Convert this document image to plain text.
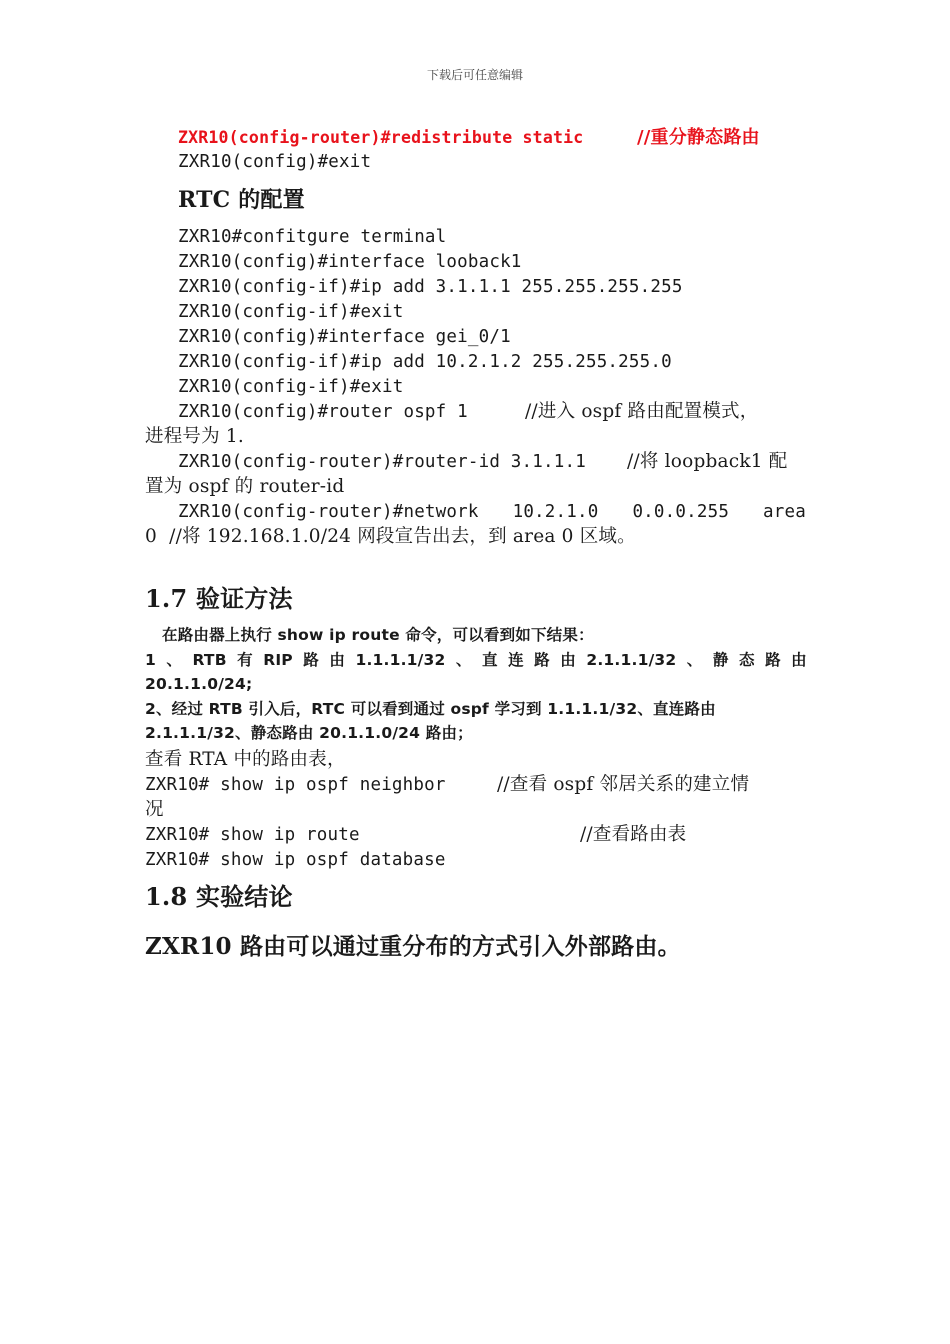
下载后可任意编辑
ZXR10(config-router)#redistribute static	//重分静态路由
ZXR10(config)#exit
RTC 的配置
ZXR10#confitgure terminal
ZXR10(config)#interface looback1
ZXR10(config-if)#ip add 3.1.1.1 255.255.255.255
ZXR10(config-if)#exit
ZXR10(config)#interface gei_0/1
ZXR10(config-if)#ip add 10.2.1.2 255.255.255.0
ZXR10(config-if)#exit
ZXR10(config)#router ospf 1	//进入 ospf 路由配置模式，
进程号为 1.
ZXR10(config-router)#router-id 3.1.1.1 //将 loopback1 配
置为 ospf 的 router-id
ZXR10(config-router)#network 10.2.1.0 0.0.0.255 area
0  //将 192.168.1.0/24 网段宣告出去，到 area 0 区域。
1.7 验证方法
在路由器上执行 show ip route 命令，可以看到如下结果：
1 、 RTB 有 RIP 路 由 1.1.1.1/32 、 直 连 路 由 2.1.1.1/32 、 静 态 路 由
20.1.1.0/24;
2、经过 RTB 引入后，RTC 可以看到通过 ospf 学习到 1.1.1.1/32、直连路由
2.1.1.1/32、静态路由 20.1.1.0/24 路由；
查看 RTA 中的路由表，
ZXR10# show ip ospf neighbor	//查看 ospf 邻居关系的建立情
况
ZXR10# show ip route	//查看路由表
ZXR10# show ip ospf database
1.8 实验结论
ZXR10 路由可以通过重分布的方式引入外部路由。
